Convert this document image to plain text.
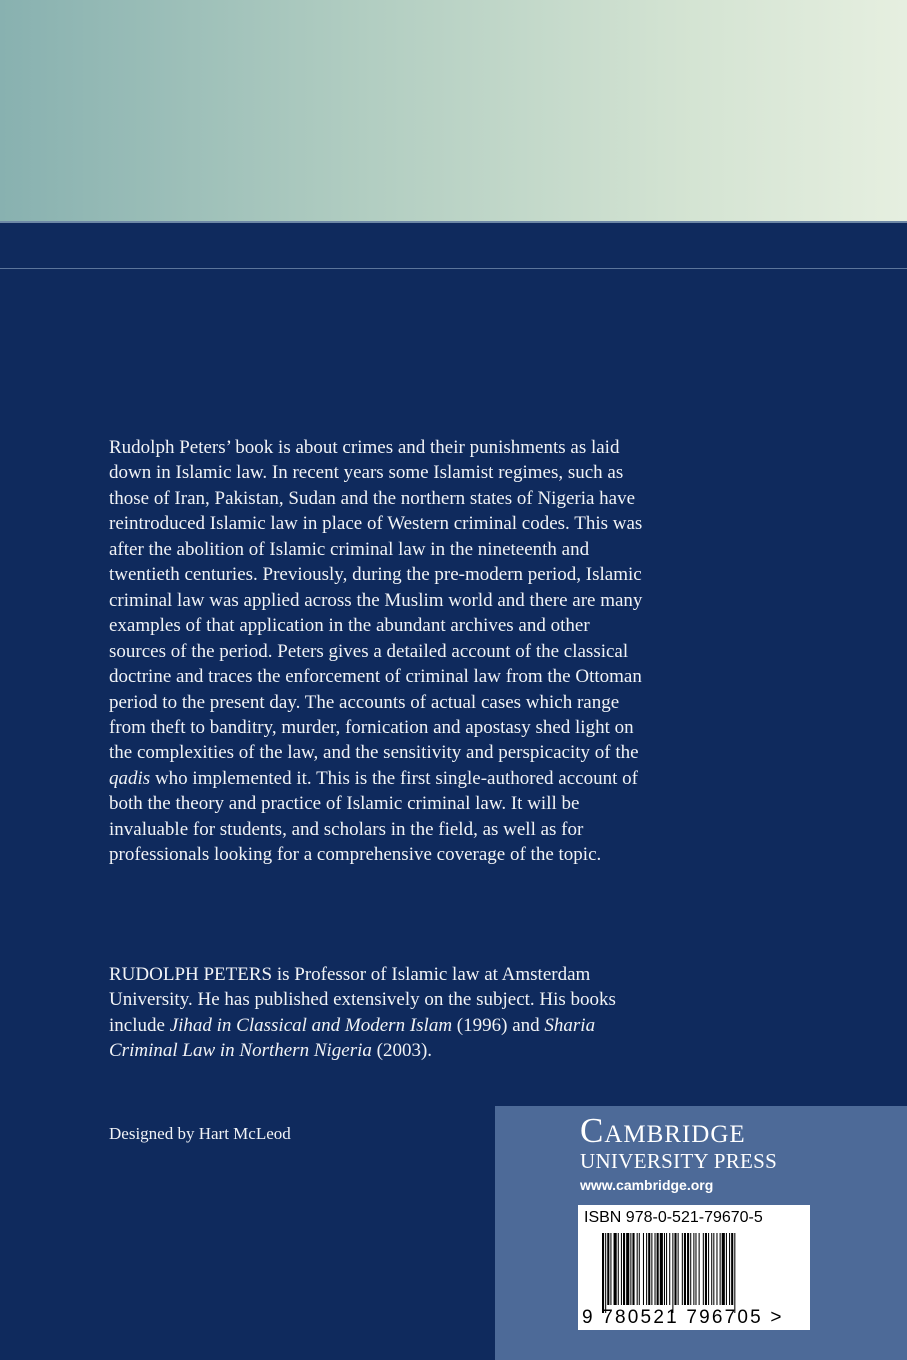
Rudolph Peters’ book is about crimes and their punishments as laid down in Islamic law. In recent years some Islamist regimes, such as those of Iran, Pakistan, Sudan and the northern states of Nigeria have reintroduced Islamic law in place of Western criminal codes. This was after the abolition of Islamic criminal law in the nineteenth and twentieth centuries. Previously, during the pre-modern period, Islamic criminal law was applied across the Muslim world and there are many examples of that application in the abundant archives and other sources of the period. Peters gives a detailed account of the classical doctrine and traces the enforcement of criminal law from the Ottoman period to the present day. The accounts of actual cases which range from theft to banditry, murder, fornication and apostasy shed light on the complexities of the law, and the sensitivity and perspicacity of the qadis who implemented it. This is the first single-authored account of both the theory and practice of Islamic criminal law. It will be invaluable for students, and scholars in the field, as well as for professionals looking for a comprehensive coverage of the topic.

RUDOLPH PETERS is Professor of Islamic law at Amsterdam University. He has published extensively on the subject. His books include Jihad in Classical and Modern Islam (1996) and Sharia Criminal Law in Northern Nigeria (2003).

Designed by Hart McLeod	Cambridge
UNIVERSITY PRESS
www.cambridge.org
ISBN 978-0-521-79670-5
9 780521 796705 >
